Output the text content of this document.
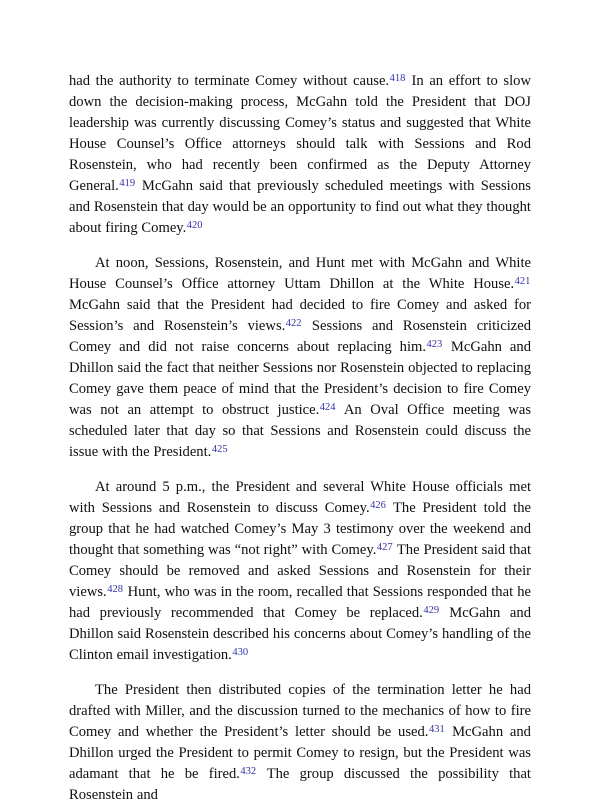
had the authority to terminate Comey without cause.$^{418}$ In an effort to slow down the decision-making process, McGahn told the President that DOJ leadership was currently discussing Comey’s status and suggested that White House Counsel’s Office attorneys should talk with Sessions and Rod Rosenstein, who had recently been confirmed as the Deputy Attorney General.$^{419}$ McGahn said that previously scheduled meetings with Sessions and Rosenstein that day would be an opportunity to find out what they thought about firing Comey.$^{420}$

At noon, Sessions, Rosenstein, and Hunt met with McGahn and White House Counsel’s Office attorney Uttam Dhillon at the White House.$^{421}$ McGahn said that the President had decided to fire Comey and asked for Session’s and Rosenstein’s views.$^{422}$ Sessions and Rosenstein criticized Comey and did not raise concerns about replacing him.$^{423}$ McGahn and Dhillon said the fact that neither Sessions nor Rosenstein objected to replacing Comey gave them peace of mind that the President’s decision to fire Comey was not an attempt to obstruct justice.$^{424}$ An Oval Office meeting was scheduled later that day so that Sessions and Rosenstein could discuss the issue with the President.$^{425}$

At around 5 p.m., the President and several White House officials met with Sessions and Rosenstein to discuss Comey.$^{426}$ The President told the group that he had watched Comey’s May 3 testimony over the weekend and thought that something was “not right” with Comey.$^{427}$ The President said that Comey should be removed and asked Sessions and Rosenstein for their views.$^{428}$ Hunt, who was in the room, recalled that Sessions responded that he had previously recommended that Comey be replaced.$^{429}$ McGahn and Dhillon said Rosenstein described his concerns about Comey’s handling of the Clinton email investigation.$^{430}$

The President then distributed copies of the termination letter he had drafted with Miller, and the discussion turned to the mechanics of how to fire Comey and whether the President’s letter should be used.$^{431}$ McGahn and Dhillon urged the President to permit Comey to resign, but the President was adamant that he be fired.$^{432}$ The group discussed the possibility that Rosenstein and
